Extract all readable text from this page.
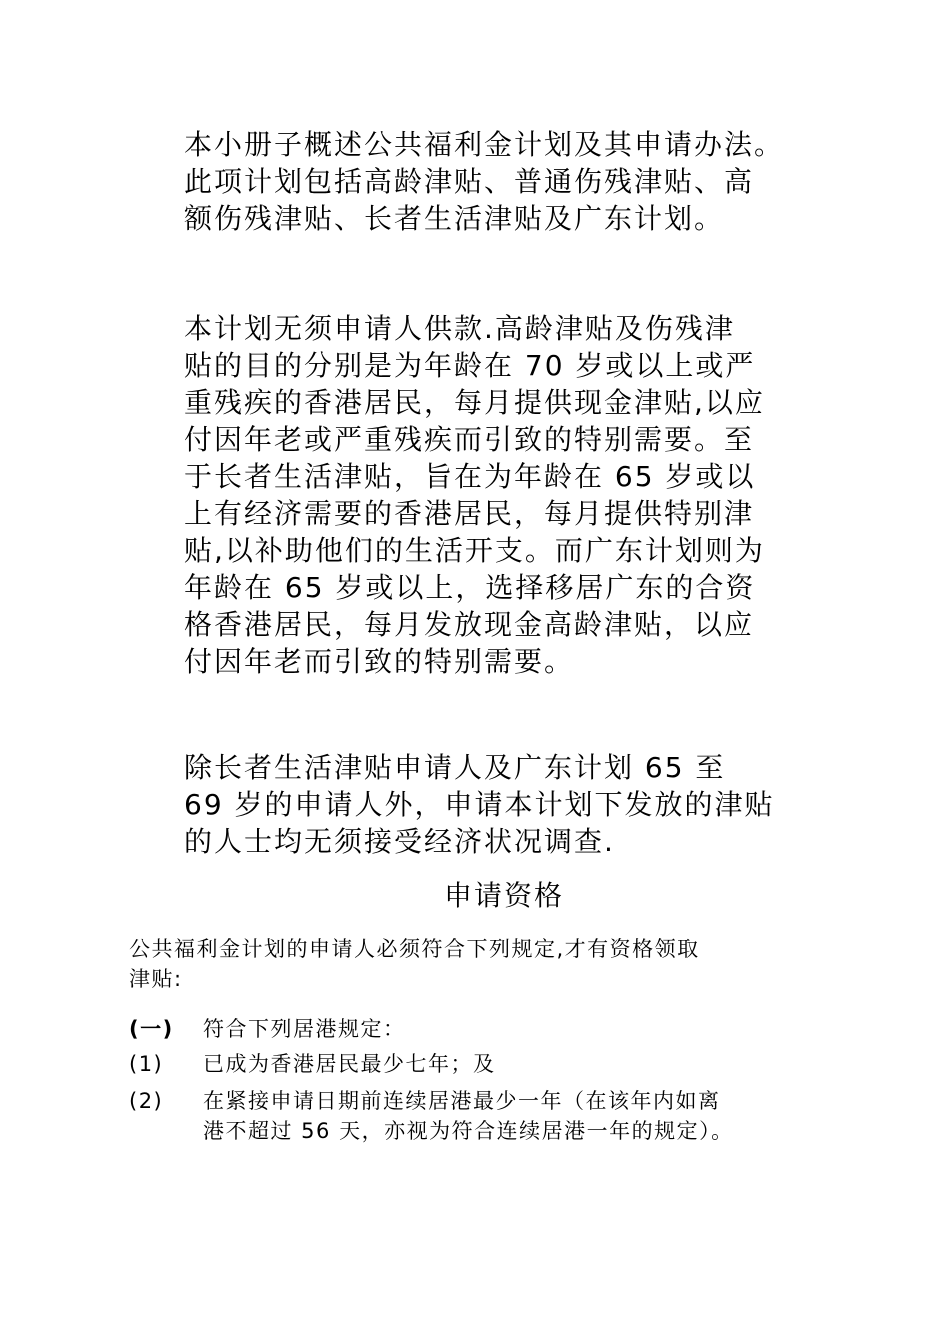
本小册子概述公共福利金计划及其申请办法。
此项计划包括高龄津贴、普通伤残津贴、高
额伤残津贴、长者生活津贴及广东计划。
本计划无须申请人供款.高龄津贴及伤残津
贴的目的分别是为年龄在 70 岁或以上或严
重残疾的香港居民，每月提供现金津贴,以应
付因年老或严重残疾而引致的特别需要。至
于长者生活津贴，旨在为年龄在 65 岁或以
上有经济需要的香港居民，每月提供特别津
贴,以补助他们的生活开支。而广东计划则为
年龄在 65 岁或以上，选择移居广东的合资
格香港居民，每月发放现金高龄津贴，以应
付因年老而引致的特别需要。
除长者生活津贴申请人及广东计划 65 至
69 岁的申请人外，申请本计划下发放的津贴
的人士均无须接受经济状况调查.
申请资格
公共福利金计划的申请人必须符合下列规定,才有资格领取
津贴:
(一) 符合下列居港规定：
(1) 已成为香港居民最少七年；及
(2) 在紧接申请日期前连续居港最少一年（在该年内如离
港不超过 56 天，亦视为符合连续居港一年的规定）。
